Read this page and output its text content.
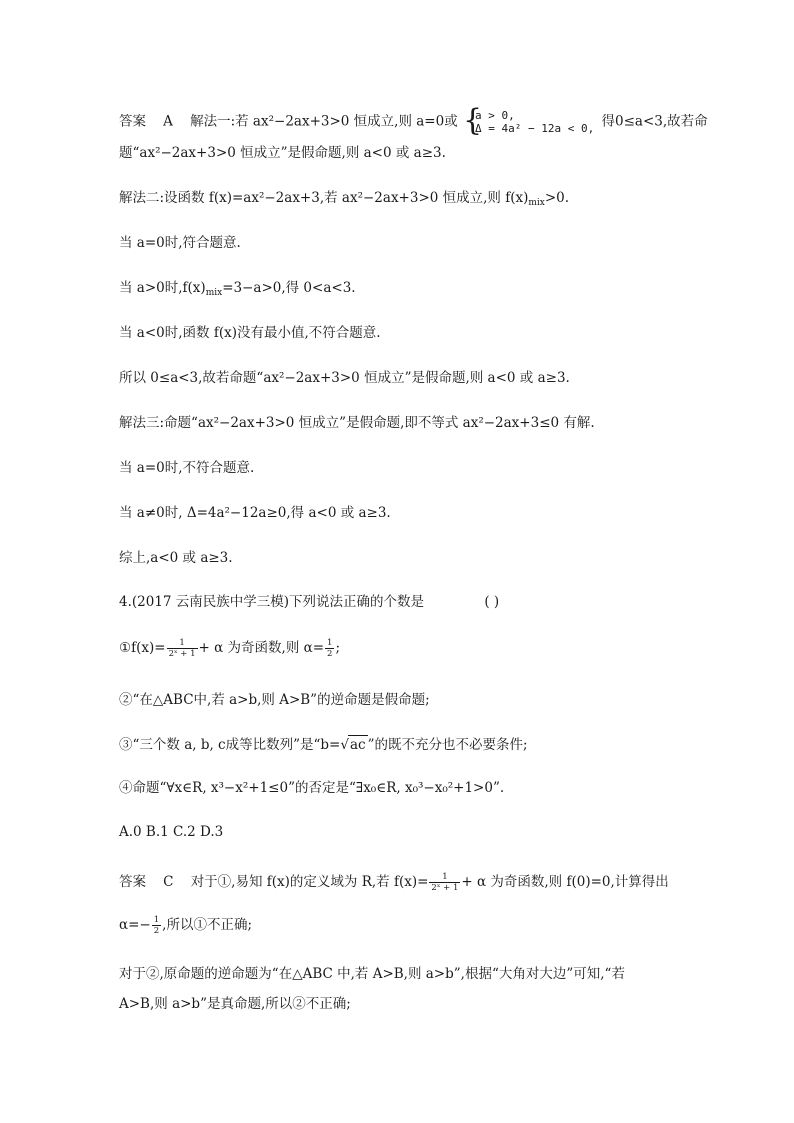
答案 A 解法一:若 ax²−2ax+3>0 恒成立,则 a=0或
{ a > 0,
Δ = 4a² − 12a < 0, 得0≤a<3,故若命
题“ax²−2ax+3>0 恒成立”是假命题,则 a<0 或 a≥3.
解法二:设函数 f(x)=ax²−2ax+3,若 ax²−2ax+3>0 恒成立,则 $f(x)_{mix}>0$.
当 a=0时,符合题意.
当 a>0时$,f(x)_{mix}=3-a>0$,得 0<a<3.
当 a<0时,函数 f(x)没有最小值,不符合题意.
所以 0≤a<3,故若命题“ax²−2ax+3>0 恒成立”是假命题,则 a<0 或 a≥3.
解法三:命题“ax²−2ax+3>0 恒成立”是假命题,即不等式 ax²−2ax+3≤0 有解.
当 a=0时,不符合题意.
当 a≠0时, Δ=4a²−12a≥0,得 a<0 或 a≥3.
综上,a<0 或 a≥3.
4.(2017 云南民族中学三模)下列说法正确的个数是	( )
①f(x)= $\frac{1}{\text{2ˣ + 1}} + \alpha$ 为奇函数,则 $\alpha= \frac{1}{2}$ ;
②“在△ABC中,若 a>b,则 A>B”的逆命题是假命题;
③“三个数 a, b, c成等比数列”是“b=√ac ”的既不充分也不必要条件;
④命题“∀x∈R, x³−x²+1≤0”的否定是“∃x₀∈R, x₀³−x₀²+1>0”.
A.0 B.1 C.2 D.3
答案 C 对于①,易知 f(x)的定义域为 R,若 $f(x)= \frac{1}{\text{2ˣ + 1}} + \alpha$ 为奇函数,则 f(0)=0,计算得出
$\alpha=- \frac{1}{2}$ ,所以①不正确;
对于②,原命题的逆命题为“在△ABC 中,若 A>B,则 a>b”,根据“大角对大边”可知,“若
A>B,则 a>b”是真命题,所以②不正确;
